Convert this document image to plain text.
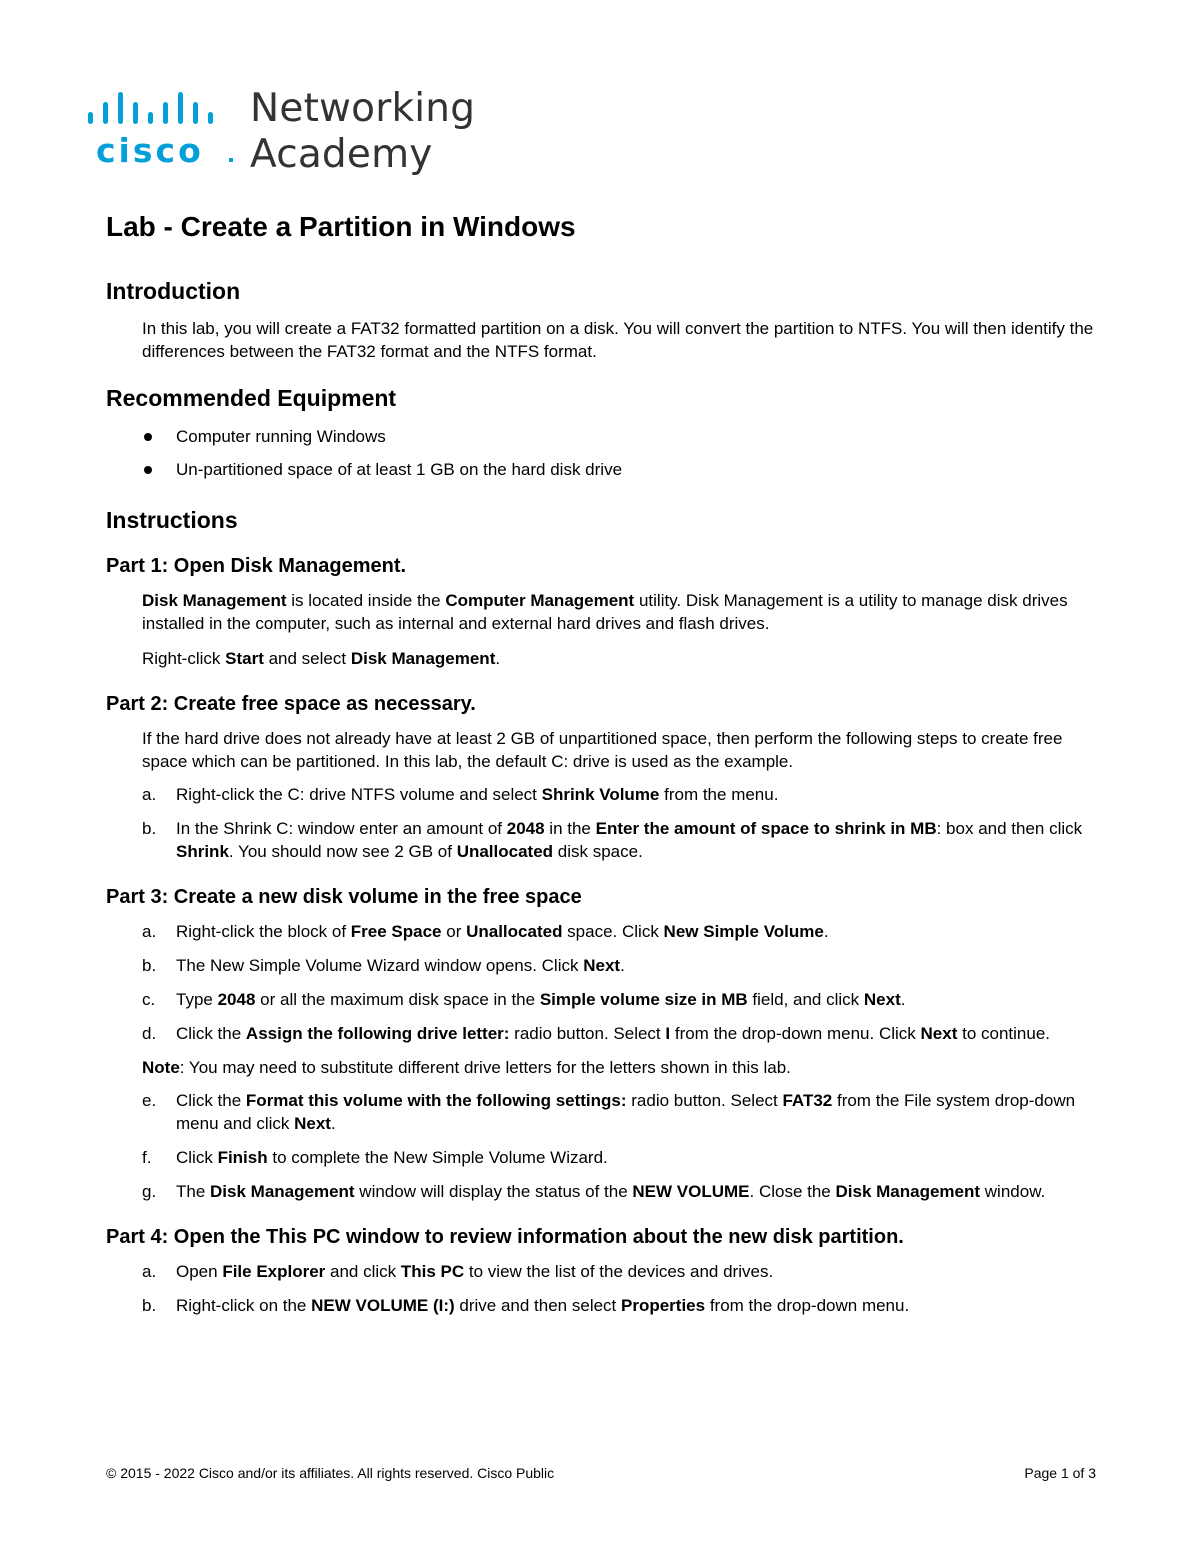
cisco
Networking
Academy
Lab - Create a Partition in Windows
Introduction

In this lab, you will create a FAT32 formatted partition on a disk. You will convert the partition to NTFS. You will then identify the differences between the FAT32 format and the NTFS format.

Recommended Equipment
Computer running Windows
Un-partitioned space of at least 1 GB on the hard disk drive
Instructions
Part 1: Open Disk Management.

Disk Management is located inside the Computer Management utility. Disk Management is a utility to manage disk drives installed in the computer, such as internal and external hard drives and flash drives.

Right-click Start and select Disk Management.

Part 2: Create free space as necessary.

If the hard drive does not already have at least 2 GB of unpartitioned space, then perform the following steps to create free space which can be partitioned. In this lab, the default C: drive is used as the example.

a. Right-click the C: drive NTFS volume and select Shrink Volume from the menu.
b. In the Shrink C: window enter an amount of 2048 in the Enter the amount of space to shrink in MB: box and then click Shrink. You should now see 2 GB of Unallocated disk space.
Part 3: Create a new disk volume in the free space
a. Right-click the block of Free Space or Unallocated space. Click New Simple Volume.
b. The New Simple Volume Wizard window opens. Click Next.
c. Type 2048 or all the maximum disk space in the Simple volume size in MB field, and click Next.
d. Click the Assign the following drive letter: radio button. Select I from the drop-down menu. Click Next to continue.

Note: You may need to substitute different drive letters for the letters shown in this lab.

e. Click the Format this volume with the following settings: radio button. Select FAT32 from the File system drop-down menu and click Next.
f. Click Finish to complete the New Simple Volume Wizard.
g. The Disk Management window will display the status of the NEW VOLUME. Close the Disk Management window.
Part 4: Open the This PC window to review information about the new disk partition.
a. Open File Explorer and click This PC to view the list of the devices and drives.
b. Right-click on the NEW VOLUME (I:) drive and then select Properties from the drop-down menu.
© 2015 - 2022 Cisco and/or its affiliates. All rights reserved. Cisco Public	Page 1 of 3
